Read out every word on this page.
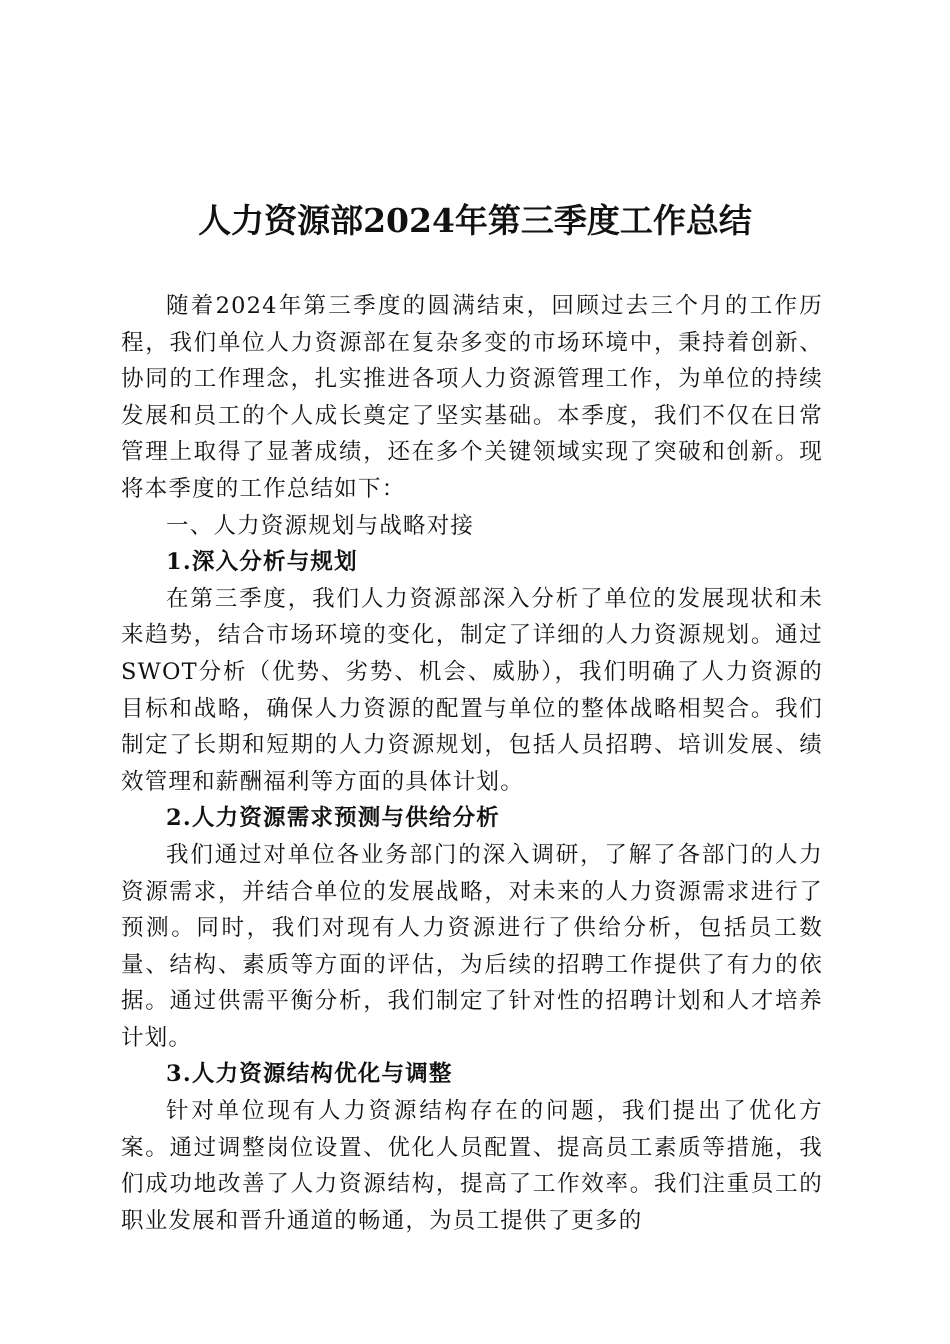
人力资源部2024年第三季度工作总结

随着2024年第三季度的圆满结束，回顾过去三个月的工作历程，我们单位人力资源部在复杂多变的市场环境中，秉持着创新、协同的工作理念，扎实推进各项人力资源管理工作，为单位的持续发展和员工的个人成长奠定了坚实基础。本季度，我们不仅在日常管理上取得了显著成绩，还在多个关键领域实现了突破和创新。现将本季度的工作总结如下：

一、人力资源规划与战略对接

1.深入分析与规划

在第三季度，我们人力资源部深入分析了单位的发展现状和未来趋势，结合市场环境的变化，制定了详细的人力资源规划。通过SWOT分析（优势、劣势、机会、威胁），我们明确了人力资源的目标和战略，确保人力资源的配置与单位的整体战略相契合。我们制定了长期和短期的人力资源规划，包括人员招聘、培训发展、绩效管理和薪酬福利等方面的具体计划。

2.人力资源需求预测与供给分析

我们通过对单位各业务部门的深入调研，了解了各部门的人力资源需求，并结合单位的发展战略，对未来的人力资源需求进行了预测。同时，我们对现有人力资源进行了供给分析，包括员工数量、结构、素质等方面的评估，为后续的招聘工作提供了有力的依据。通过供需平衡分析，我们制定了针对性的招聘计划和人才培养计划。

3.人力资源结构优化与调整

针对单位现有人力资源结构存在的问题，我们提出了优化方案。通过调整岗位设置、优化人员配置、提高员工素质等措施，我们成功地改善了人力资源结构，提高了工作效率。我们注重员工的职业发展和晋升通道的畅通，为员工提供了更多的
